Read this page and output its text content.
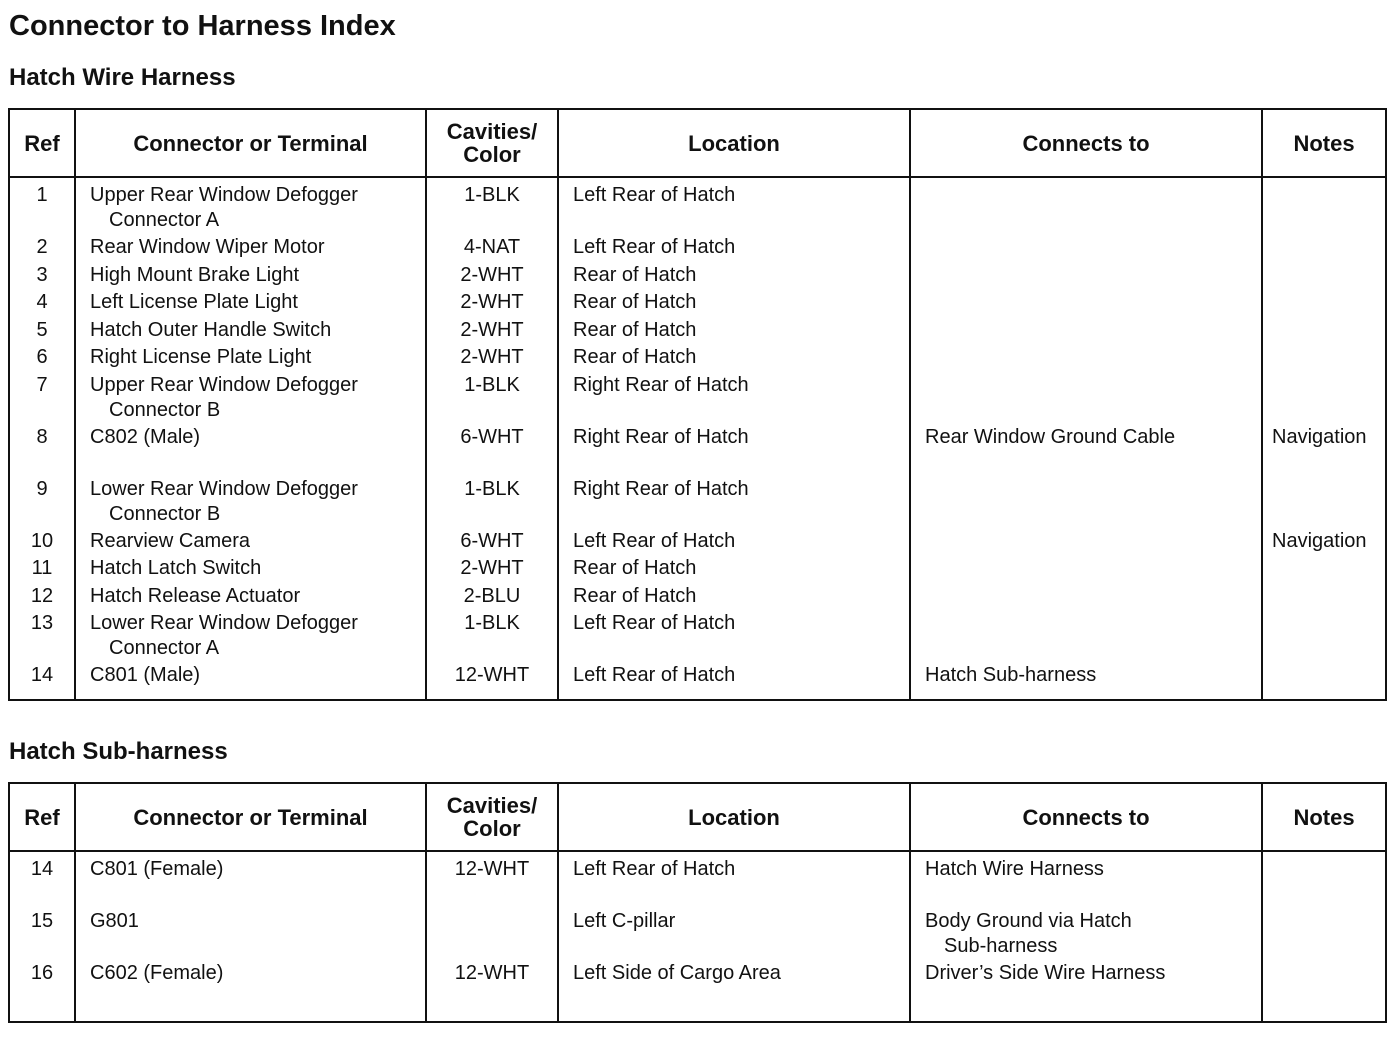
Connector to Harness Index
Hatch Wire Harness
Ref	Connector or Terminal	Cavities/
Color	Location	Connects to	Notes
1	Upper Rear Window Defogger
Connector A	1-BLK	Left Rear of Hatch		
2	Rear Window Wiper Motor	4-NAT	Left Rear of Hatch		
3	High Mount Brake Light	2-WHT	Rear of Hatch		
4	Left License Plate Light	2-WHT	Rear of Hatch		
5	Hatch Outer Handle Switch	2-WHT	Rear of Hatch		
6	Right License Plate Light	2-WHT	Rear of Hatch		
7	Upper Rear Window Defogger
Connector B	1-BLK	Right Rear of Hatch		
8	C802 (Male)	6-WHT	Right Rear of Hatch	Rear Window Ground Cable	Navigation
9	Lower Rear Window Defogger
Connector B	1-BLK	Right Rear of Hatch		
10	Rearview Camera	6-WHT	Left Rear of Hatch		Navigation
11	Hatch Latch Switch	2-WHT	Rear of Hatch		
12	Hatch Release Actuator	2-BLU	Rear of Hatch		
13	Lower Rear Window Defogger
Connector A	1-BLK	Left Rear of Hatch		
14	C801 (Male)	12-WHT	Left Rear of Hatch	Hatch Sub-harness	
Hatch Sub-harness
Ref	Connector or Terminal	Cavities/
Color	Location	Connects to	Notes
14	C801 (Female)	12-WHT	Left Rear of Hatch	Hatch Wire Harness	
15	G801		Left C-pillar	Body Ground via Hatch
Sub-harness	

16	C602 (Female)	12-WHT	Left Side of Cargo Area	Driver’s Side Wire Harness	
